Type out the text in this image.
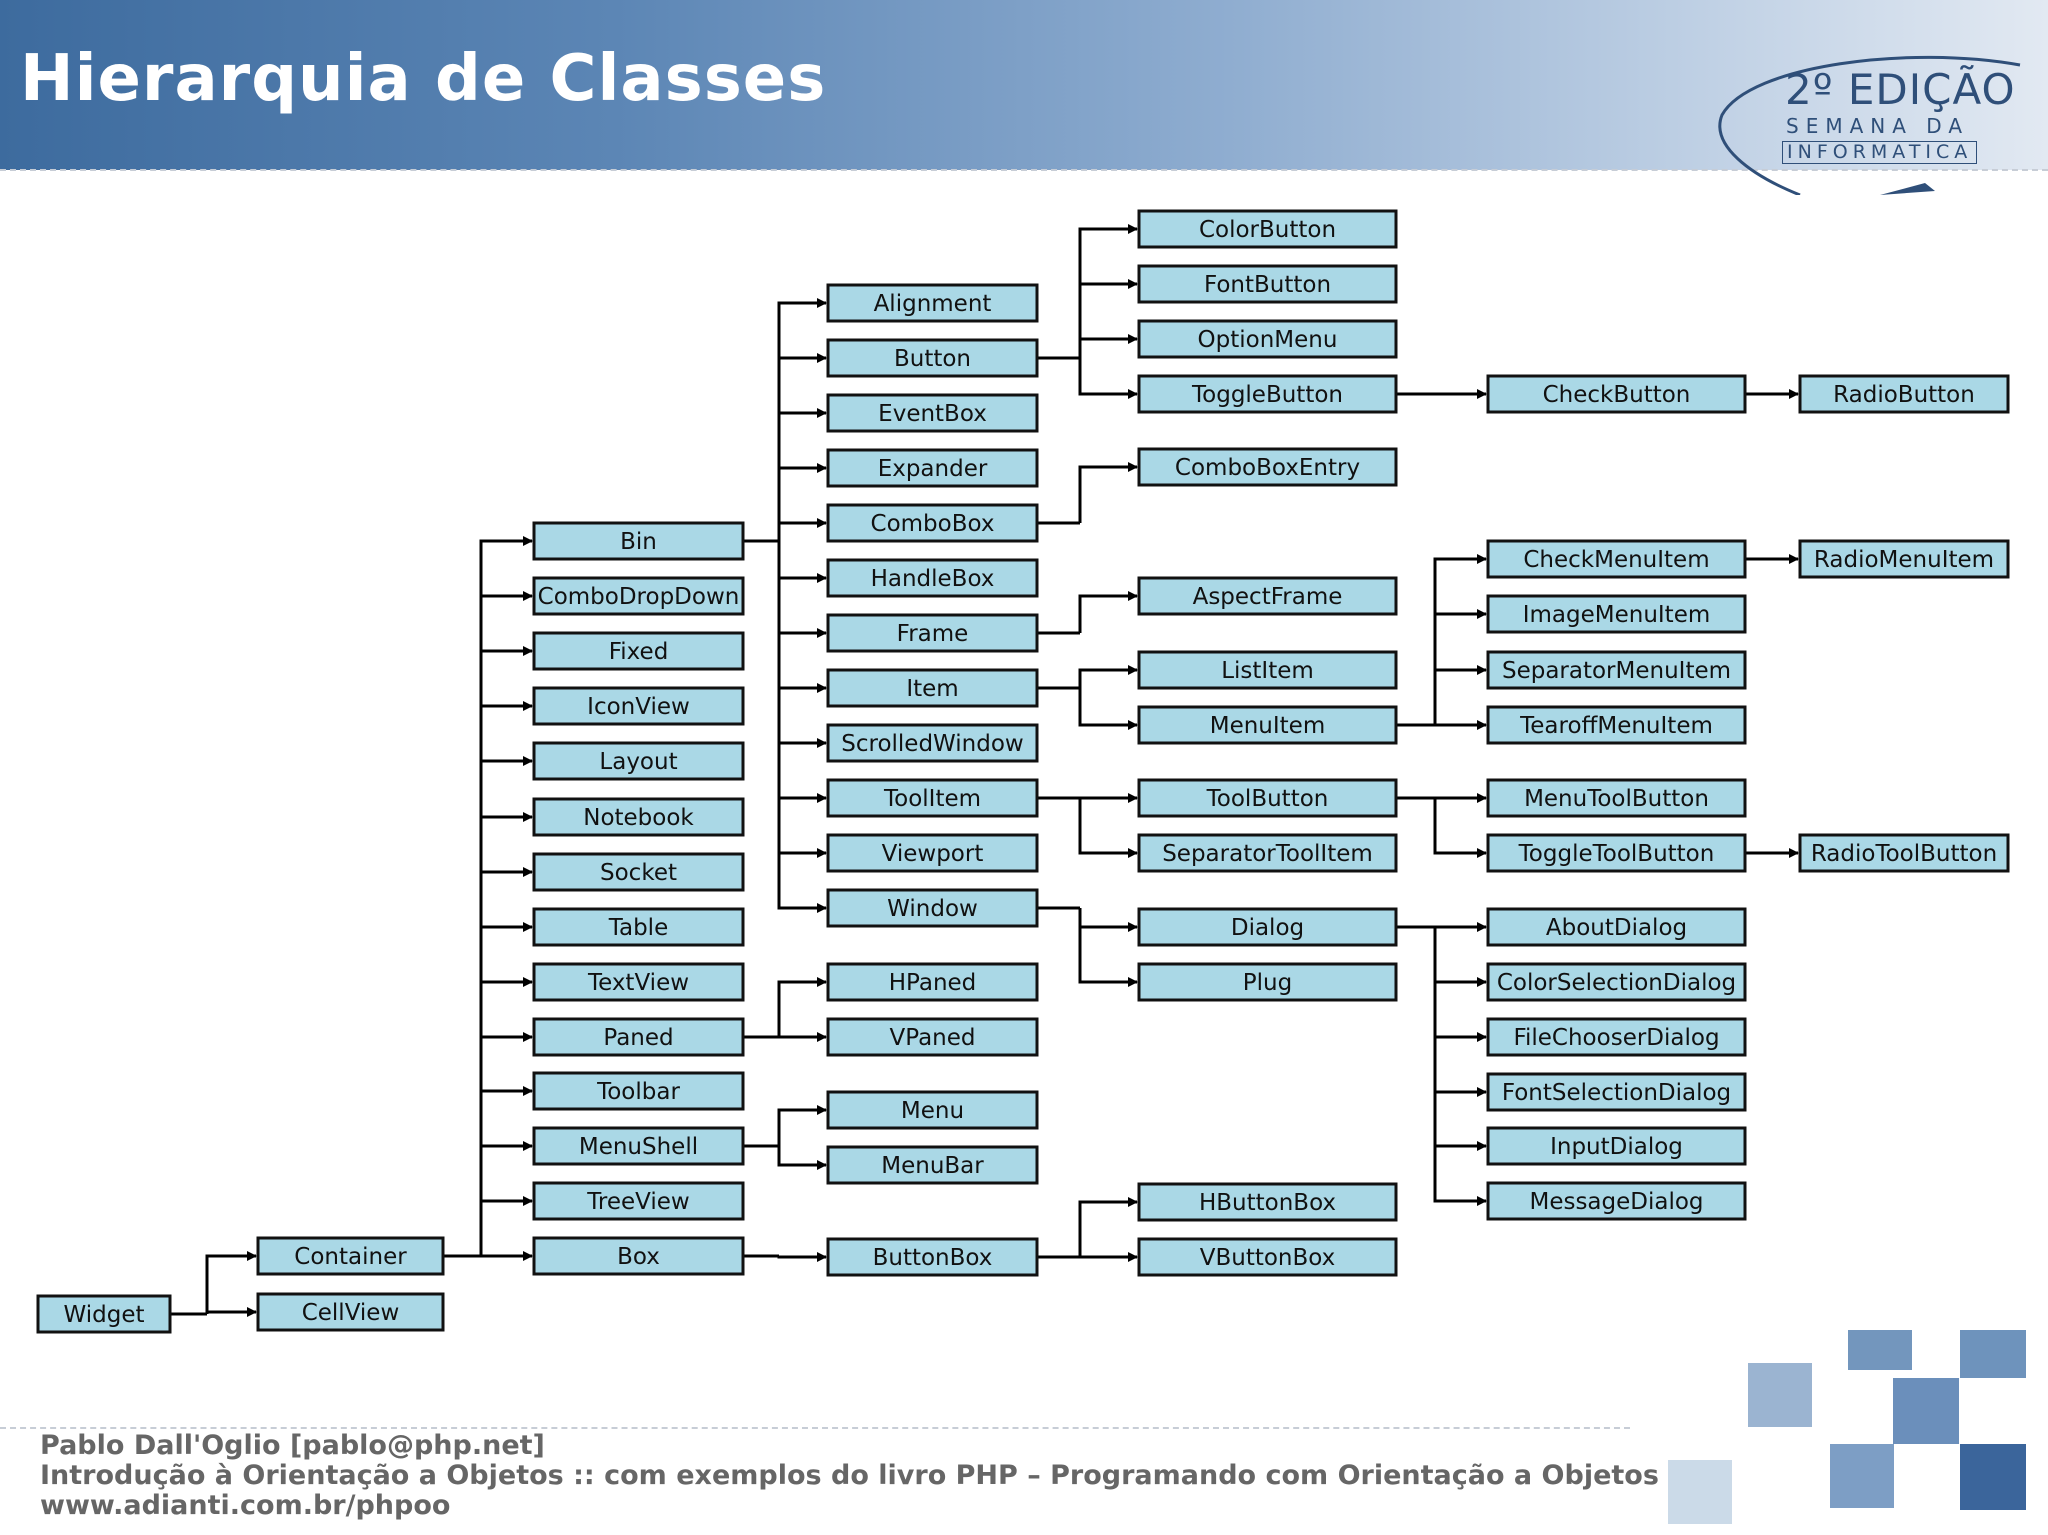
Hierarquia de Classes	2º EDIÇÃO
SEMANA DA
INFORMATICA
Widget
Container
CellView
Bin
ComboDropDown
Fixed
IconView
Layout
Notebook
Socket
Table
TextView
Paned
Toolbar
MenuShell
TreeView
Box
Alignment
Button
EventBox
Expander
ComboBox
HandleBox
Frame
Item
ScrolledWindow
ToolItem
Viewport
Window
HPaned
VPaned
Menu
MenuBar
ButtonBox
ColorButton
FontButton
OptionMenu
ToggleButton
ComboBoxEntry
AspectFrame
ListItem
MenuItem
ToolButton
SeparatorToolItem
Dialog
Plug
HButtonBox
VButtonBox
CheckButton
CheckMenuItem
ImageMenuItem
SeparatorMenuItem
TearoffMenuItem
MenuToolButton
ToggleToolButton
AboutDialog
ColorSelectionDialog
FileChooserDialog
FontSelectionDialog
InputDialog
MessageDialog
RadioButton
RadioMenuItem
RadioToolButton
Pablo Dall'Oglio [pablo@php.net]
Introdução à Orientação a Objetos :: com exemplos do livro PHP – Programando com Orientação a Objetos
www.adianti.com.br/phpoo
